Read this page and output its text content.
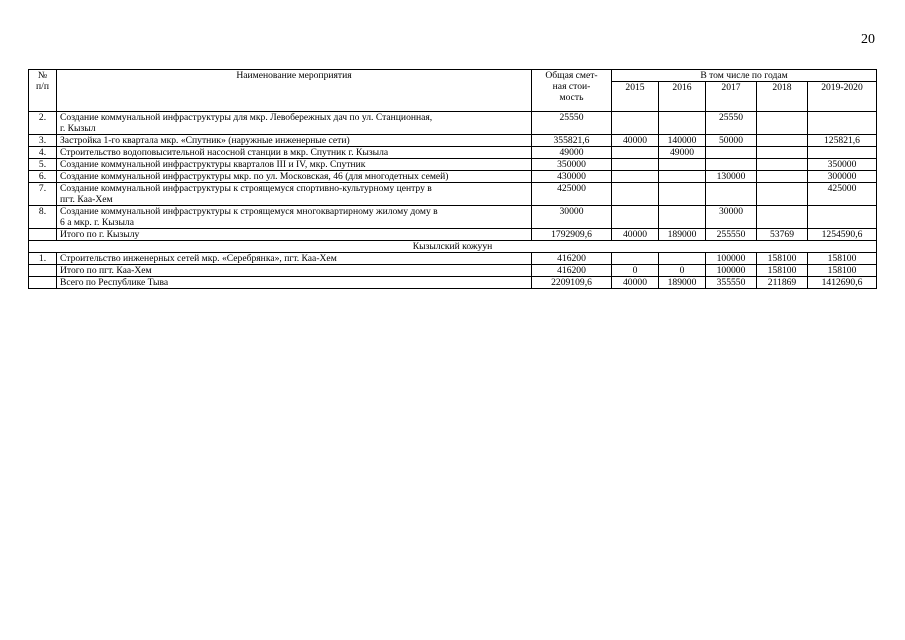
20
№
п/п	Наименование мероприятия	Общая смет-
ная стои-
мость	В том числе по годам				
			2015	2016	2017	2018	2019-2020
2.	Создание коммунальной инфраструктуры для мкр. Левобережных дач по ул. Станционная,
г. Кызыл	25550			25550		
3.	Застройка 1-го квартала мкр. «Спутник» (наружные инженерные сети)	355821,6	40000	140000	50000		125821,6
4.	Строительство водоповысительной насосной станции в мкр. Спутник г. Кызыла	49000		49000			
5.	Создание коммунальной инфраструктуры кварталов III и IV, мкр. Спутник	350000					350000
6.	Создание коммунальной инфраструктуры мкр. по ул. Московская, 46 (для многодетных семей)	430000			130000		300000
7.	Создание коммунальной инфраструктуры к строящемуся спортивно-культурному центру в
пгт. Каа-Хем	425000					425000
8.	Создание коммунальной инфраструктуры к строящемуся многоквартирному жилому дому в
6 а мкр. г. Кызыла	30000			30000		
	Итого по г. Кызылу	1792909,6	40000	189000	255550	53769	1254590,6
Кызылский кожуун							
1.	Строительство инженерных сетей мкр. «Серебрянка», пгт. Каа-Хем	416200			100000	158100	158100
	Итого по пгт. Каа-Хем	416200	0	0	100000	158100	158100
	Всего по Республике Тыва	2209109,6	40000	189000	355550	211869	1412690,6
